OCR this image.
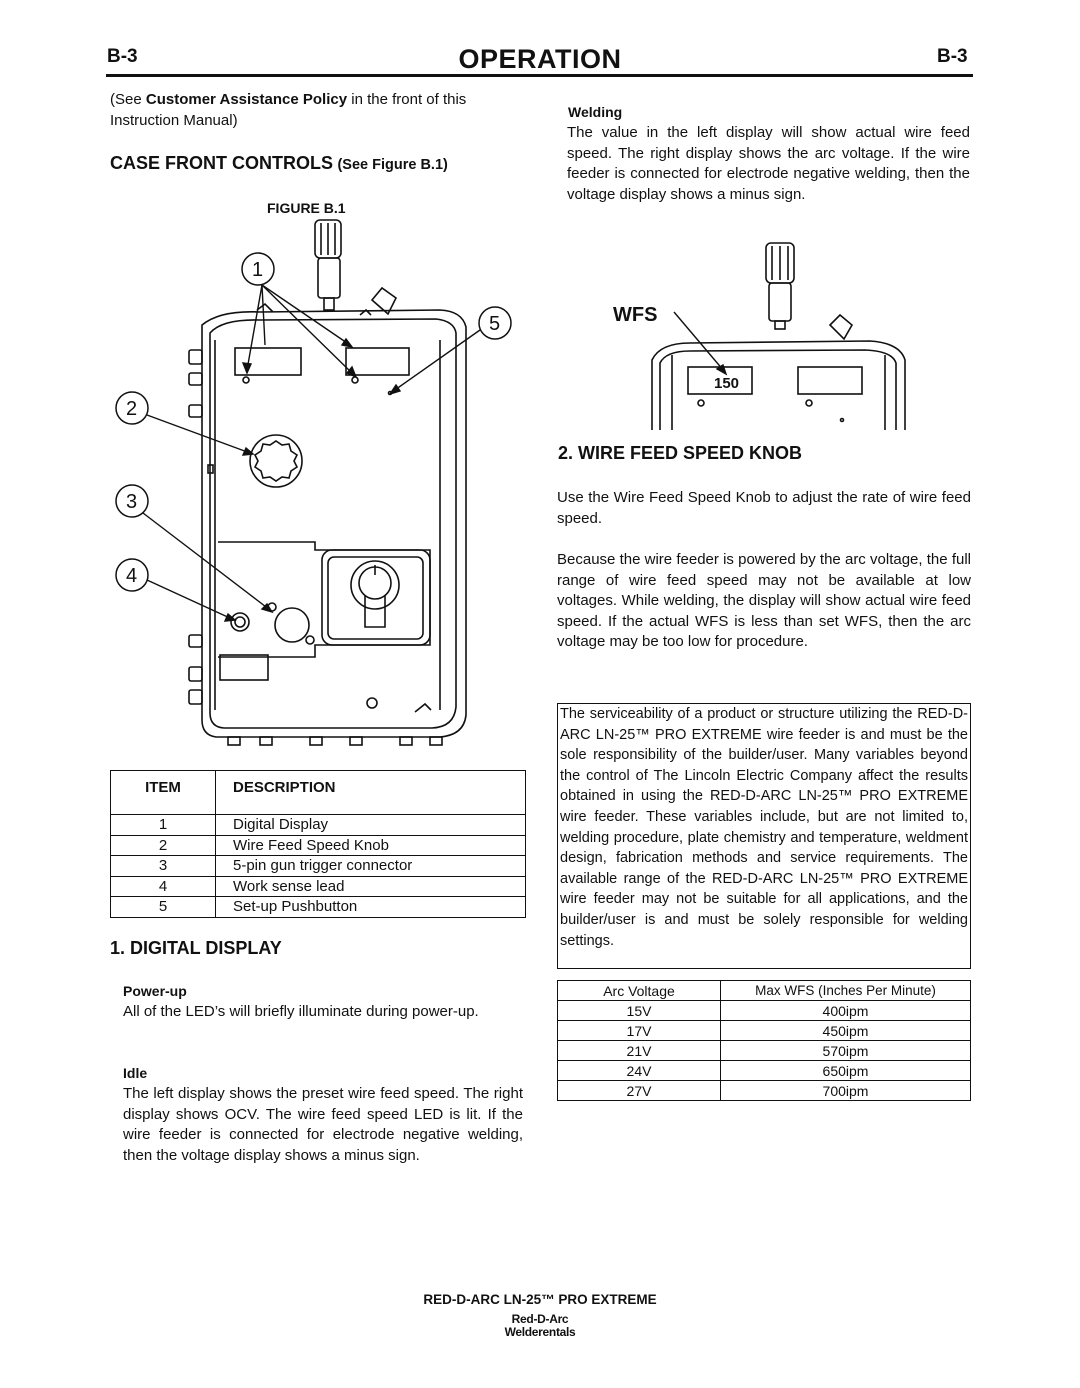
B-3	OPERATION	B-3
(See Customer Assistance Policy in the front of this Instruction Manual)
CASE FRONT CONTROLS (See Figure B.1)
FIGURE B.1
1
5
2
3
4
ITEM	DESCRIPTION
1	Digital Display
2	Wire Feed Speed Knob
3	5-pin gun trigger connector
4	Work sense lead
5	Set-up Pushbutton
1. DIGITAL DISPLAY
Power-up
All of the LED’s will briefly illuminate during power-up.
Idle
The left display shows the preset wire feed speed. The right display shows OCV. The wire feed speed LED is lit. If the wire feeder is connected for electrode negative welding, then the voltage display shows a minus sign.
Welding
The value in the left display will show actual wire feed speed. The right display shows the arc voltage. If the wire feeder is connected for electrode negative welding, then the voltage display shows a minus sign.
150
WFS
2. WIRE FEED SPEED KNOB
Use the Wire Feed Speed Knob to adjust the rate of wire feed speed.
Because the wire feeder is powered by the arc voltage, the full range of wire feed speed may not be available at low voltages. While welding, the display will show actual wire feed speed. If the actual WFS is less than set WFS, then the arc voltage may be too low for procedure.
The serviceability of a product or structure utilizing the RED-D-ARC LN-25™ PRO EXTREME wire feeder is and must be the sole responsibility of the builder/user. Many variables beyond the control of The Lincoln Electric Company affect the results obtained in using the RED-D-ARC LN-25™ PRO EXTREME wire feeder. These variables include, but are not limited to, welding procedure, plate chemistry and temperature, weldment design, fabrication methods and service requirements. The available range of the RED-D-ARC LN-25™ PRO EXTREME wire feeder may not be suitable for all applications, and the builder/user is and must be solely responsible for welding settings.
Arc Voltage	Max WFS (Inches Per Minute)
15V	400ipm
17V	450ipm
21V	570ipm
24V	650ipm
27V	700ipm
RED-D-ARC LN-25™ PRO EXTREME
Red-D-Arc
Welderentals
